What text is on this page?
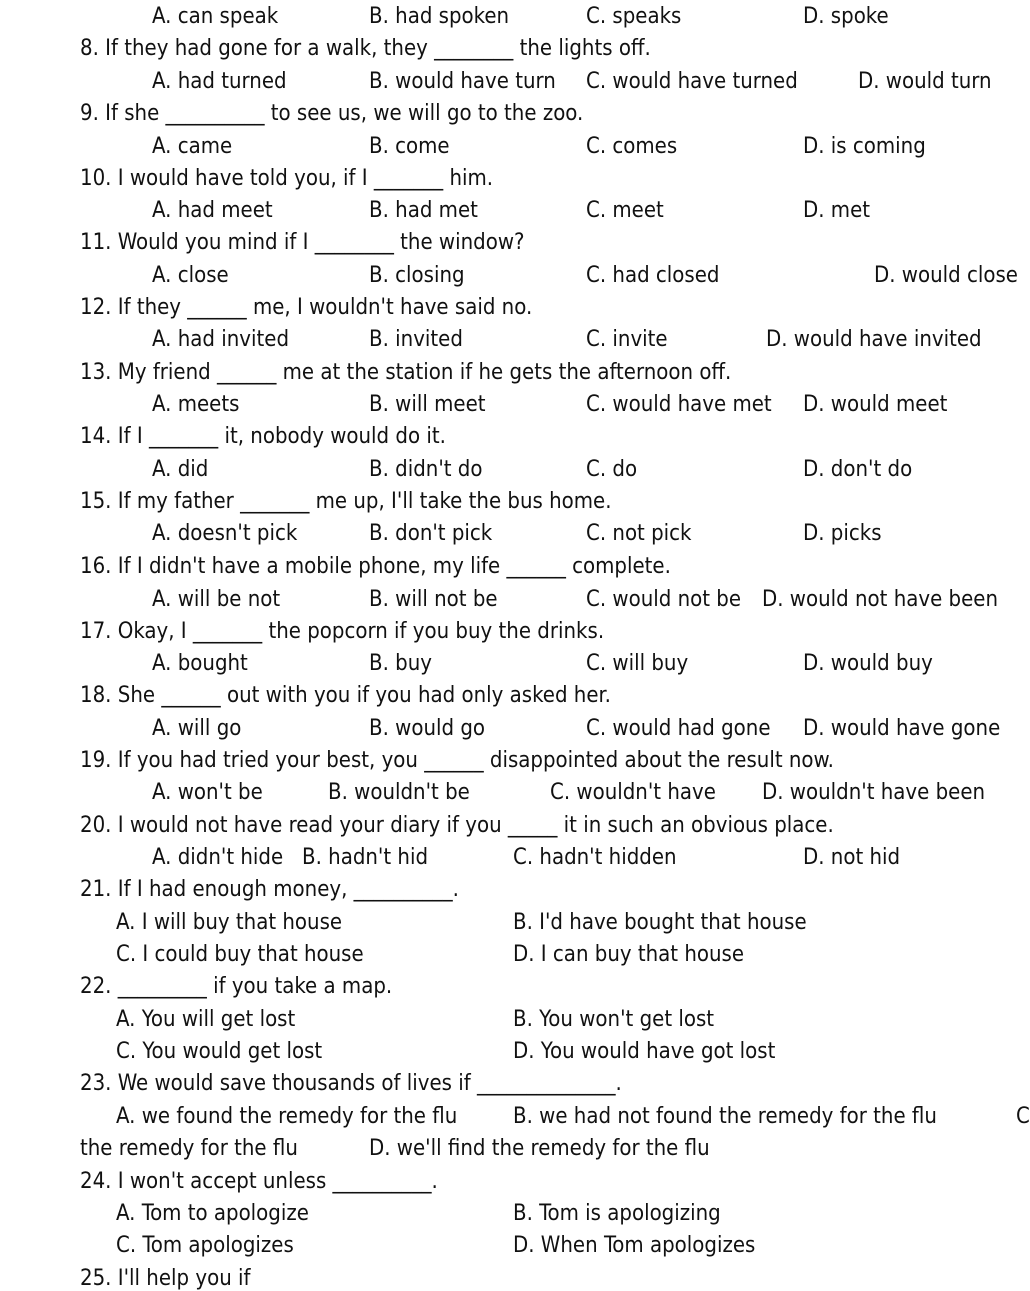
A. can speak	B. had spoken	C. speaks	D. spoke
8. If they had gone for a walk, they ________ the lights off.
A. had turned	B. would have turn C. would have turned	D. would turn
9. If she __________ to see us, we will go to the zoo.
A. came	B. come	C. comes	D. is coming
10. I would have told you, if I _______ him.
A. had meet	B. had met	C. meet	D. met
11. Would you mind if I ________ the window?
A. close	B. closing	C. had closed	D. would close
12. If they ______ me, I wouldn't have said no.
A. had invited	B. invited	C. invite	D. would have invited
13. My friend ______ me at the station if he gets the afternoon off.
A. meets	B. will meet	C. would have met D. would meet
14. If I _______ it, nobody would do it.
A. did	B. didn't do	C. do	D. don't do
15. If my father _______ me up, I'll take the bus home.
A. doesn't pick	B. don't pick	C. not pick	D. picks
16. If I didn't have a mobile phone, my life ______ complete.
A. will be not	B. will not be	C. would not be D. would not have been
17. Okay, I _______ the popcorn if you buy the drinks.
A. bought	B. buy	C. will buy	D. would buy
18. She ______ out with you if you had only asked her.
A. will go	B. would go	C. would had gone D. would have gone
19. If you had tried your best, you ______ disappointed about the result now.
A. won't be	B. wouldn't be	C. wouldn't have D. wouldn't have been
20. I would not have read your diary if you _____ it in such an obvious place.
A. didn't hide B. hadn't hid	C. hadn't hidden	D. not hid
21. If I had enough money, __________.
A. I will buy that house	B. I'd have bought that house
C. I could buy that house	D. I can buy that house
22. _________ if you take a map.
A. You will get lost	B. You won't get lost
C. You would get lost	D. You would have got lost
23. We would save thousands of lives if ______________.
A. we found the remedy for the flu	B. we had not found the remedy for the flu	C
the remedy for the flu	D. we'll find the remedy for the flu
24. I won't accept unless __________.
A. Tom to apologize	B. Tom is apologizing
C. Tom apologizes	D. When Tom apologizes
25. I'll help you if
